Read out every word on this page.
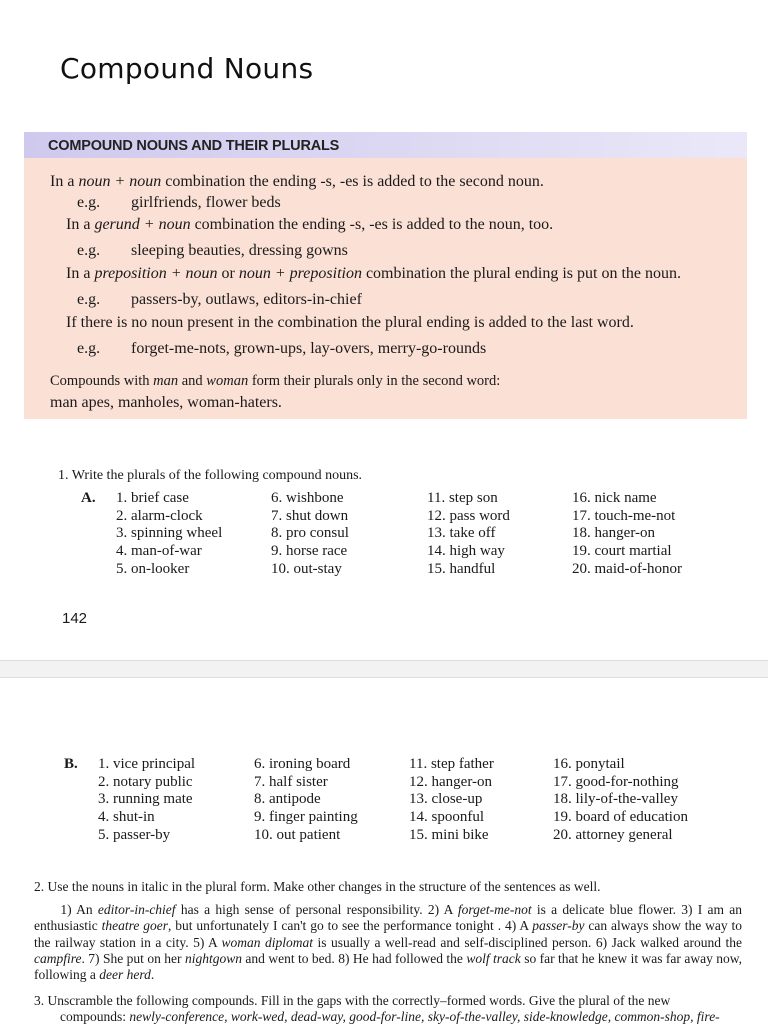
Compound Nouns
COMPOUND NOUNS AND THEIR PLURALS
In a noun + noun combination the ending -s, -es is added to the second noun.
e.g. girlfriends, flower beds
In a gerund + noun combination the ending -s, -es is added to the noun, too.
e.g. sleeping beauties, dressing gowns
In a preposition + noun or noun + preposition combination the plural ending is put on the noun.
e.g. passers-by, outlaws, editors-in-chief
If there is no noun present in the combination the plural ending is added to the last word.
e.g. forget-me-nots, grown-ups, lay-overs, merry-go-rounds
Compounds with man and woman form their plurals only in the second word:
man apes, manholes, woman-haters.
1. Write the plurals of the following compound nouns.
A. 1. brief case
2. alarm-clock
3. spinning wheel
4. man-of-war
5. on-looker
6. wishbone
7. shut down
8. pro consul
9. horse race
10. out-stay
11. step son
12. pass word
13. take off
14. high way
15. handful
16. nick name
17. touch-me-not
18. hanger-on
19. court martial
20. maid-of-honor
142
B. 1. vice principal
2. notary public
3. running mate
4. shut-in
5. passer-by
6. ironing board
7. half sister
8. antipode
9. finger painting
10. out patient
11. step father
12. hanger-on
13. close-up
14. spoonful
15. mini bike
16. ponytail
17. good-for-nothing
18. lily-of-the-valley
19. board of education
20. attorney general
2. Use the nouns in italic in the plural form. Make other changes in the structure of the sentences as well.
1) An editor-in-chief has a high sense of personal responsibility. 2) A forget-me-not is a delicate blue flower. 3) I am an enthusiastic theatre goer, but unfortunately I can't go to see the performance tonight . 4) A passer-by can always show the way to the railway station in a city. 5) A woman diplomat is usually a well-read and self-disciplined person. 6) Jack walked around the campfire. 7) She put on her nightgown and went to bed. 8) He had followed the wolf track so far that he knew it was far away now, following a deer herd.
3. Unscramble the following compounds. Fill in the gaps with the correctly–formed words. Give the plural of the new
compounds: newly-conference, work-wed, dead-way, good-for-line, sky-of-the-valley, side-knowledge, common-shop, fire-
